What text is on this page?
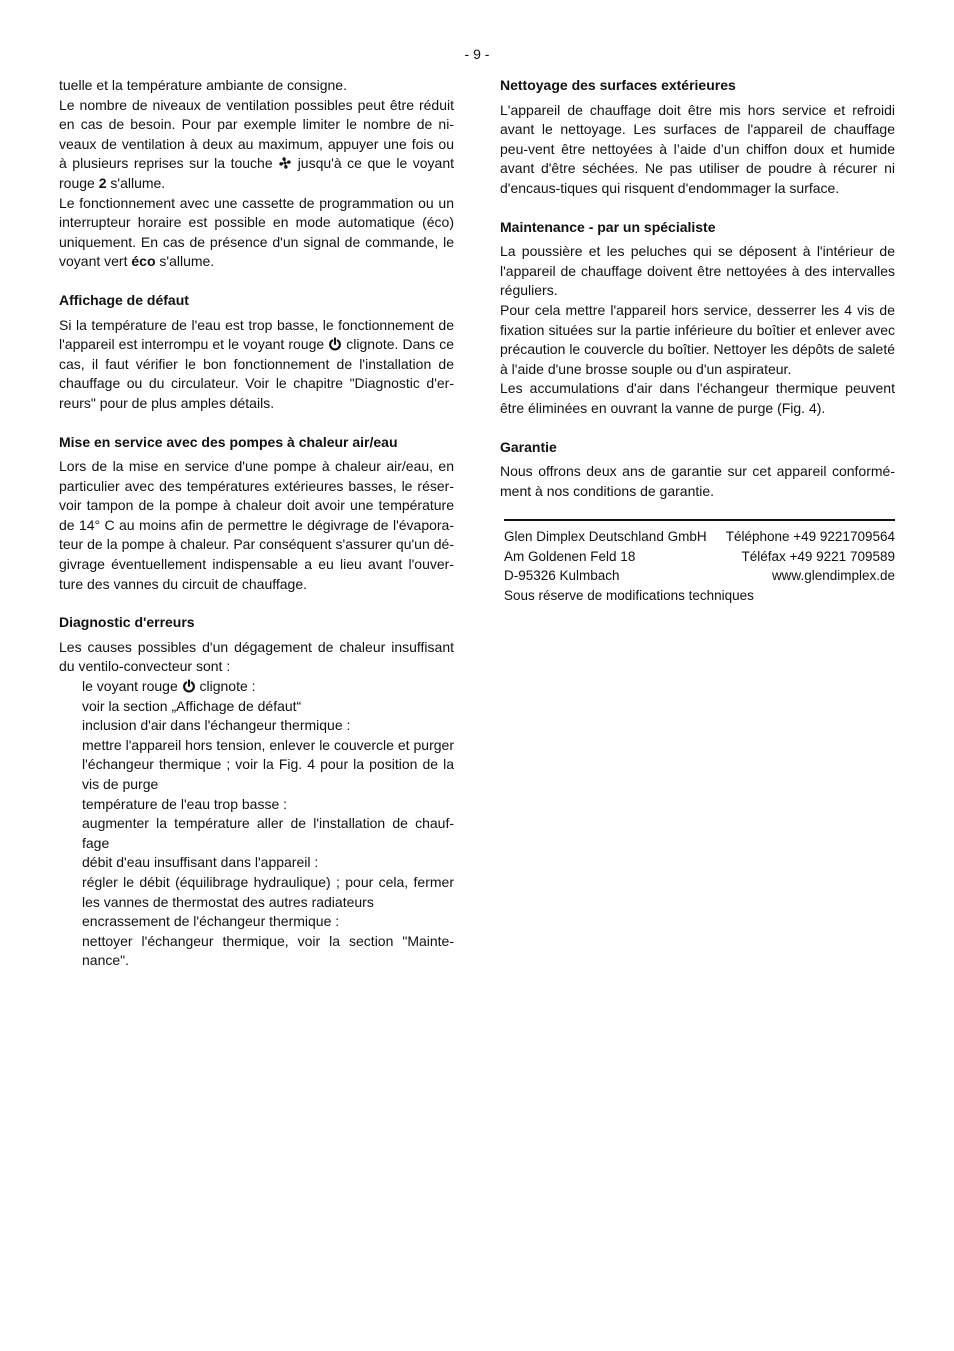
- 9 -

tuelle et la température ambiante de consigne.

Le nombre de niveaux de ventilation possibles peut être réduit en cas de besoin. Pour par exemple limiter le nombre de ni-veaux de ventilation à deux au maximum, appuyer une fois ou à plusieurs reprises sur la touche jusqu'à ce que le voyant rouge 2 s'allume.

Le fonctionnement avec une cassette de programmation ou un interrupteur horaire est possible en mode automatique (éco) uniquement. En cas de présence d'un signal de commande, le voyant vert éco s'allume.

Affichage de défaut

Si la température de l'eau est trop basse, le fonctionnement de l'appareil est interrompu et le voyant rouge clignote. Dans ce cas, il faut vérifier le bon fonctionnement de l'installation de chauffage ou du circulateur. Voir le chapitre "Diagnostic d'er-reurs" pour de plus amples détails.

Mise en service avec des pompes à chaleur air/eau

Lors de la mise en service d'une pompe à chaleur air/eau, en particulier avec des températures extérieures basses, le réser-voir tampon de la pompe à chaleur doit avoir une température de 14° C au moins afin de permettre le dégivrage de l'évapora-teur de la pompe à chaleur. Par conséquent s'assurer qu'un dé-givrage éventuellement indispensable a eu lieu avant l'ouver-ture des vannes du circuit de chauffage.

Diagnostic d'erreurs

Les causes possibles d'un dégagement de chaleur insuffisant du ventilo-convecteur sont :

le voyant rouge clignote :

voir la section „Affichage de défaut“

inclusion d'air dans l'échangeur thermique :

mettre l'appareil hors tension, enlever le couvercle et purger l'échangeur thermique ; voir la Fig. 4 pour la position de la vis de purge

température de l'eau trop basse :

augmenter la température aller de l'installation de chauf-fage

débit d'eau insuffisant dans l'appareil :

régler le débit (équilibrage hydraulique) ; pour cela, fermer les vannes de thermostat des autres radiateurs

encrassement de l'échangeur thermique :

nettoyer l'échangeur thermique, voir la section "Mainte-nance".

Nettoyage des surfaces extérieures

L'appareil de chauffage doit être mis hors service et refroidi avant le nettoyage. Les surfaces de l'appareil de chauffage peu-vent être nettoyées à l’aide d’un chiffon doux et humide avant d'être séchées. Ne pas utiliser de poudre à récurer ni d'encaus-tiques qui risquent d'endommager la surface.

Maintenance - par un spécialiste

La poussière et les peluches qui se déposent à l'intérieur de l'appareil de chauffage doivent être nettoyées à des intervalles réguliers.

Pour cela mettre l'appareil hors service, desserrer les 4 vis de fixation situées sur la partie inférieure du boîtier et enlever avec précaution le couvercle du boîtier. Nettoyer les dépôts de saleté à l'aide d'une brosse souple ou d'un aspirateur.

Les accumulations d'air dans l'échangeur thermique peuvent être éliminées en ouvrant la vanne de purge (Fig. 4).

Garantie

Nous offrons deux ans de garantie sur cet appareil conformé-ment à nos conditions de garantie.

Glen Dimplex Deutschland GmbH Téléphone +49 9221709564
Am Goldenen Feld 18	Téléfax +49 9221 709589
D-95326 Kulmbach	www.glendimplex.de
Sous réserve de modifications techniques
